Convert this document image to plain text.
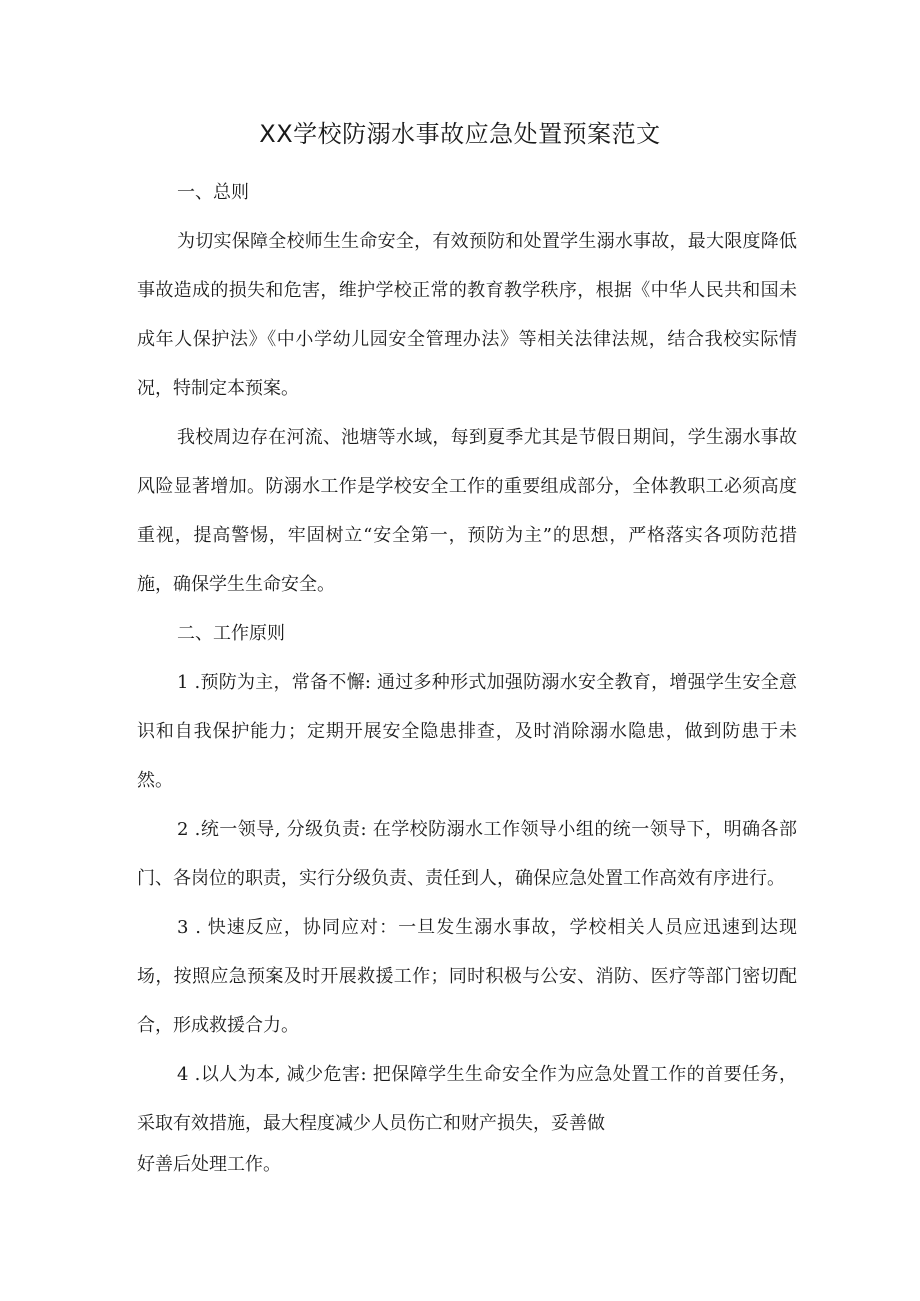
XX学校防溺水事故应急处置预案范文

一、总则

为切实保障全校师生生命安全，有效预防和处置学生溺水事故，最大限度降低事故造成的损失和危害，维护学校正常的教育教学秩序，根据《中华人民共和国未成年人保护法》《中小学幼儿园安全管理办法》等相关法律法规，结合我校实际情况，特制定本预案。

我校周边存在河流、池塘等水域，每到夏季尤其是节假日期间，学生溺水事故风险显著增加。防溺水工作是学校安全工作的重要组成部分，全体教职工必须高度重视，提高警惕，牢固树立“安全第一，预防为主”的思想，严格落实各项防范措施，确保学生生命安全。

二、工作原则

1 .预防为主，常备不懈: 通过多种形式加强防溺水安全教育，增强学生安全意识和自我保护能力；定期开展安全隐患排查，及时消除溺水隐患，做到防患于未然。

2 .统一领导, 分级负责: 在学校防溺水工作领导小组的统一领导下，明确各部门、各岗位的职责，实行分级负责、责任到人，确保应急处置工作高效有序进行。

3 . 快速反应，协同应对：一旦发生溺水事故，学校相关人员应迅速到达现场，按照应急预案及时开展救援工作；同时积极与公安、消防、医疗等部门密切配合，形成救援合力。

4 .以人为本, 减少危害: 把保障学生生命安全作为应急处置工作的首要任务，采取有效措施，最大程度减少人员伤亡和财产损失，妥善做

好善后处理工作。
